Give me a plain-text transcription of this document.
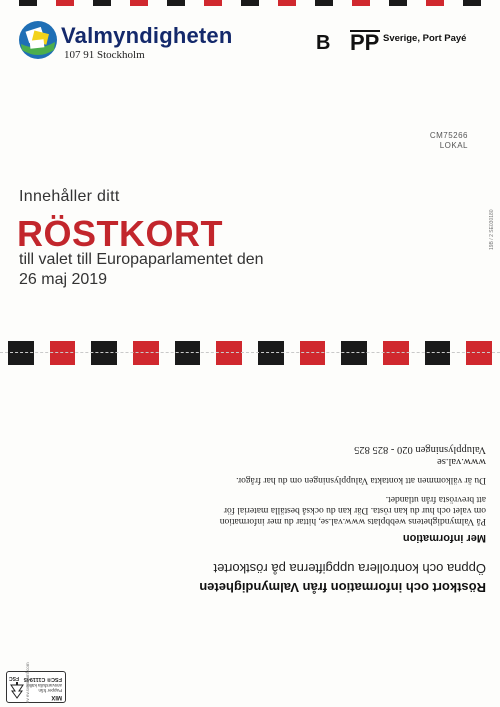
Valmyndigheten
107 91 Stockholm
B PP Sverige, Port Payé
CM75266
LOKAL
19B / 2 SE030180
Innehåller ditt
RÖSTKORT
till valet till Europaparlamentet den
26 maj 2019
Röstkort och information från Valmyndigheten
Öppna och kontrollera uppgifterna på röstkortet
Mer information
På Valmyndighetens webbplats www.val.se, hittar du mer information
om valet och hur du kan rösta. Där kan du också beställa material för
att brevrösta från utlandet.
Du är välkommen att kontakta Valupplysningen om du har frågor.
www.val.se
Valupplysningen 020 - 825 825
MIX
Papper från
ansvarsfulla källor
FSC® C111945
FSC ev ev.svenkamf.com
